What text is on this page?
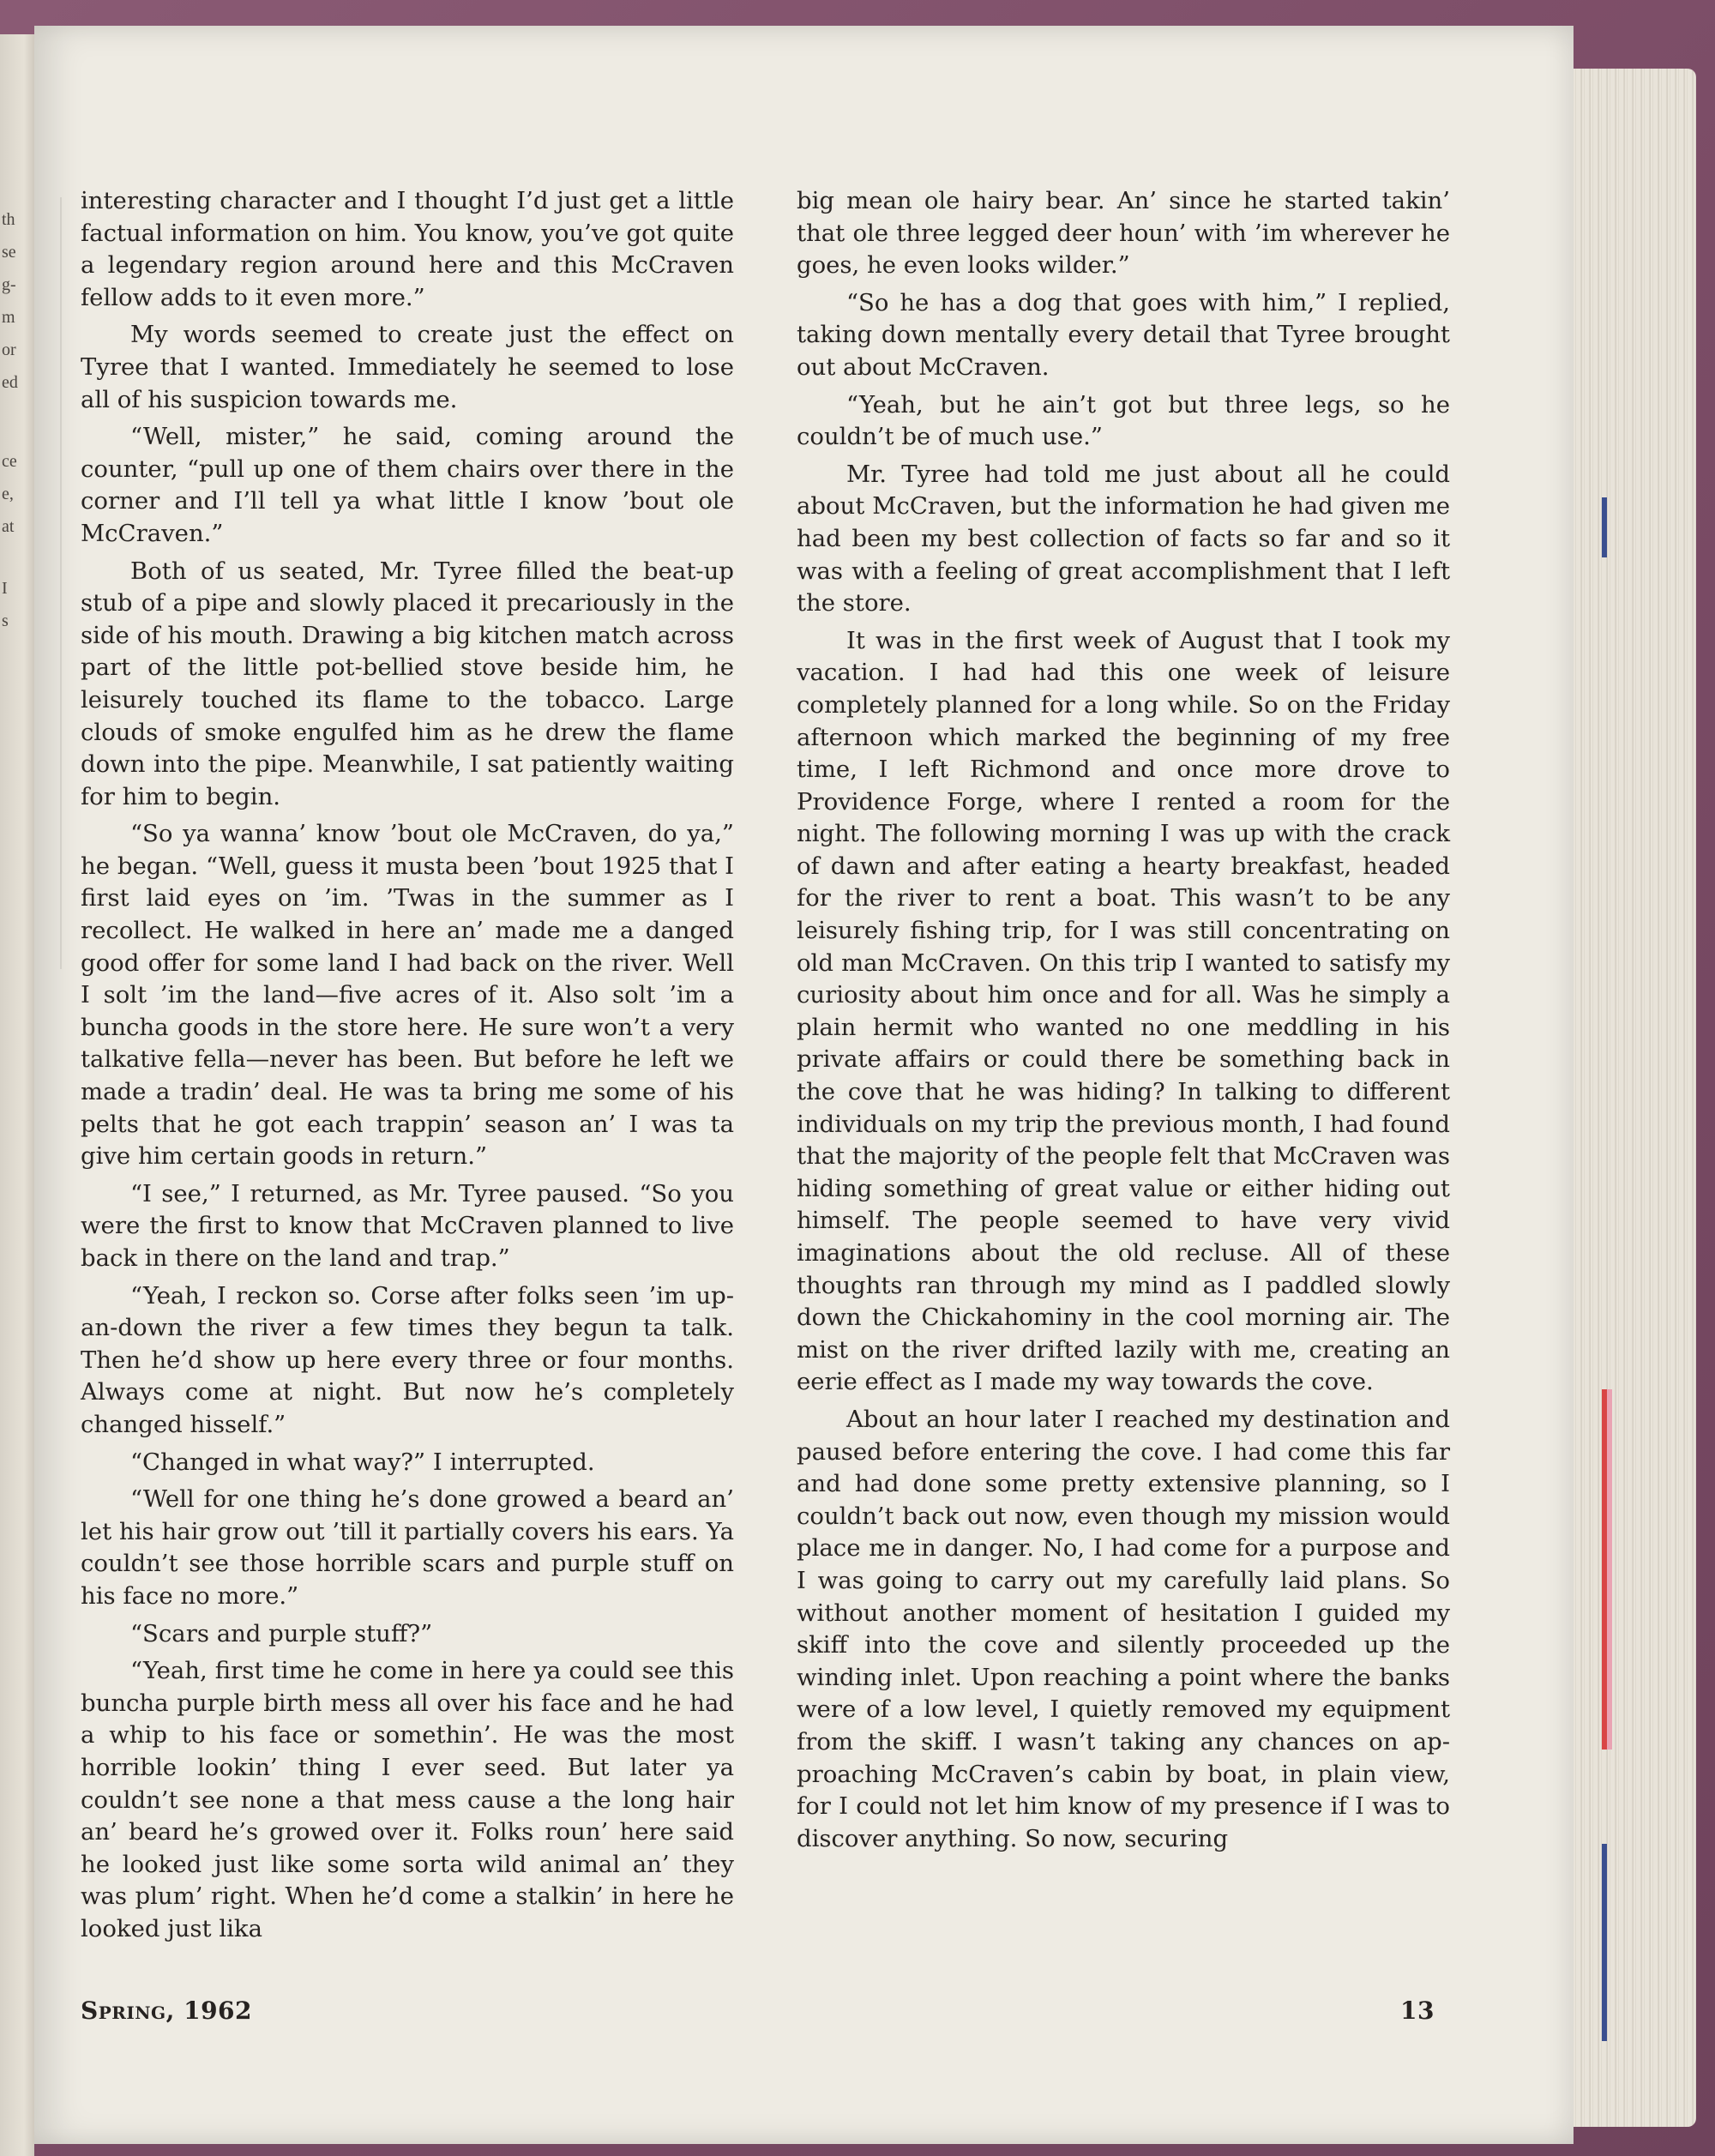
th
se
g-
m
or
ed
ce
e,
at
I
s

interesting character and I thought I’d just get a little factual information on him. You know, you’ve got quite a legendary region around here and this McCraven fellow adds to it even more.”

My words seemed to create just the effect on Tyree that I wanted. Immediately he seemed to lose all of his suspicion towards me.

“Well, mister,” he said, coming around the counter, “pull up one of them chairs over there in the corner and I’ll tell ya what little I know ’bout ole McCraven.”

Both of us seated, Mr. Tyree filled the beat-up stub of a pipe and slowly placed it precariously in the side of his mouth. Drawing a big kitchen match across part of the little pot-bellied stove beside him, he leisurely touched its flame to the tobacco. Large clouds of smoke engulfed him as he drew the flame down into the pipe. Meanwhile, I sat patiently waiting for him to begin.

“So ya wanna’ know ’bout ole McCraven, do ya,” he began. “Well, guess it musta been ’bout 1925 that I first laid eyes on ’im. ’Twas in the summer as I recollect. He walked in here an’ made me a danged good offer for some land I had back on the river. Well I solt ’im the land—five acres of it. Also solt ’im a buncha goods in the store here. He sure won’t a very talkative fella—never has been. But before he left we made a tradin’ deal. He was ta bring me some of his pelts that he got each trappin’ season an’ I was ta give him certain goods in return.”

“I see,” I returned, as Mr. Tyree paused. “So you were the first to know that McCraven planned to live back in there on the land and trap.”

“Yeah, I reckon so. Corse after folks seen ’im up-an-down the river a few times they begun ta talk. Then he’d show up here every three or four months. Always come at night. But now he’s completely changed hisself.”

“Changed in what way?” I interrupted.

“Well for one thing he’s done growed a beard an’ let his hair grow out ’till it partially covers his ears. Ya couldn’t see those horrible scars and purple stuff on his face no more.”

“Scars and purple stuff?”

“Yeah, first time he come in here ya could see this buncha purple birth mess all over his face and he had a whip to his face or somethin’. He was the most horrible lookin’ thing I ever seed. But later ya couldn’t see none a that mess cause a the long hair an’ beard he’s growed over it. Folks roun’ here said he looked just like some sorta wild animal an’ they was plum’ right. When he’d come a stalkin’ in here he looked just lika

big mean ole hairy bear. An’ since he started takin’ that ole three legged deer houn’ with ’im wherever he goes, he even looks wilder.”

“So he has a dog that goes with him,” I replied, taking down mentally every detail that Tyree brought out about McCraven.

“Yeah, but he ain’t got but three legs, so he couldn’t be of much use.”

Mr. Tyree had told me just about all he could about McCraven, but the information he had given me had been my best collection of facts so far and so it was with a feeling of great accomplishment that I left the store.

It was in the first week of August that I took my vacation. I had had this one week of leisure completely planned for a long while. So on the Friday afternoon which marked the beginning of my free time, I left Richmond and once more drove to Providence Forge, where I rented a room for the night. The following morning I was up with the crack of dawn and after eating a hearty breakfast, headed for the river to rent a boat. This wasn’t to be any leisurely fishing trip, for I was still concentrating on old man McCraven. On this trip I wanted to satisfy my curiosity about him once and for all. Was he simply a plain hermit who wanted no one meddling in his private affairs or could there be something back in the cove that he was hiding? In talking to different individuals on my trip the previous month, I had found that the majority of the people felt that McCraven was hiding something of great value or either hiding out himself. The people seemed to have very vivid imaginations about the old recluse. All of these thoughts ran through my mind as I paddled slowly down the Chickahominy in the cool morning air. The mist on the river drifted lazily with me, creating an eerie effect as I made my way towards the cove.

About an hour later I reached my destination and paused before entering the cove. I had come this far and had done some pretty extensive planning, so I couldn’t back out now, even though my mission would place me in danger. No, I had come for a purpose and I was going to carry out my carefully laid plans. So without another moment of hesitation I guided my skiff into the cove and silently proceeded up the winding inlet. Upon reaching a point where the banks were of a low level, I quietly removed my equipment from the skiff. I wasn’t taking any chances on approaching McCraven’s cabin by boat, in plain view, for I could not let him know of my presence if I was to discover anything. So now, securing

Spring, 1962	13
